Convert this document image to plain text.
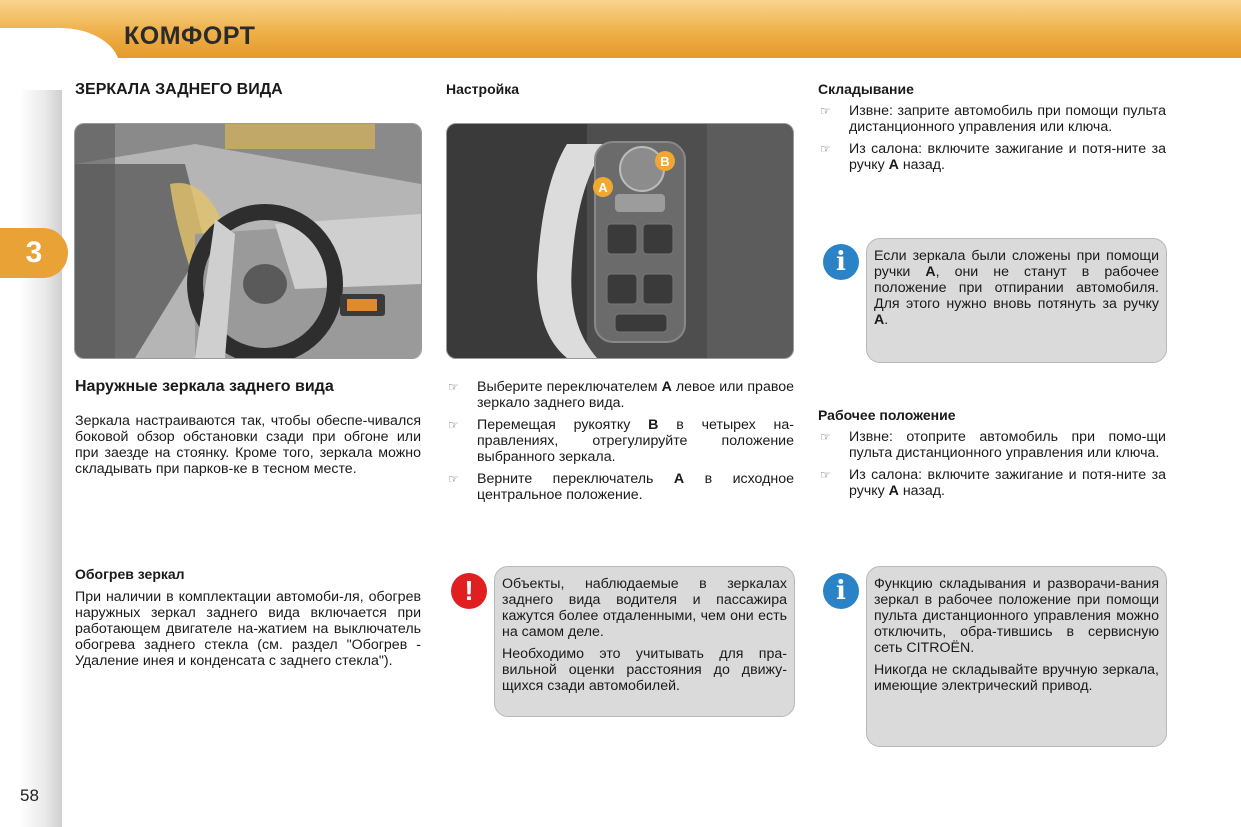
КОМФОРТ
3
58
ЗЕРКАЛА ЗАДНЕГО ВИДА
Наружные зеркала заднего вида
Зеркала настраиваются так, чтобы обеспе-чивался боковой обзор обстановки сзади при обгоне или при заезде на стоянку. Кроме того, зеркала можно складывать при парков-ке в тесном месте.
Обогрев зеркал
При наличии в комплектации автомоби-ля, обогрев наружных зеркал заднего вида включается при работающем двигателе на-жатием на выключатель обогрева заднего стекла (см. раздел "Обогрев - Удаление инея и конденсата с заднего стекла").
Настройка
B
A
☞ Выберите переключателем A левое или правое зеркало заднего вида.
☞ Перемещая рукоятку B в четырех на-правлениях, отрегулируйте положение выбранного зеркала.
☞ Верните переключатель A в исходное центральное положение.

Объекты, наблюдаемые в зеркалах заднего вида водителя и пассажира кажутся более отдаленными, чем они есть на самом деле.

Необходимо это учитывать для пра-вильной оценки расстояния до движу-щихся сзади автомобилей.

!
Складывание
☞ Извне: заприте автомобиль при помощи пульта дистанционного управления или ключа.
☞ Из салона: включите зажигание и потя-ните за ручку A назад.
Если зеркала были сложены при помощи ручки A, они не станут в рабочее положение при отпирании автомобиля. Для этого нужно вновь потянуть за ручку A.
i
Рабочее положение
☞ Извне: отоприте автомобиль при помо-щи пульта дистанционного управления или ключа.
☞ Из салона: включите зажигание и потя-ните за ручку A назад.

Функцию складывания и разворачи-вания зеркал в рабочее положение при помощи пульта дистанционного управления можно отключить, обра-тившись в сервисную сеть CITROËN.

Никогда не складывайте вручную зеркала, имеющие электрический привод.

i
